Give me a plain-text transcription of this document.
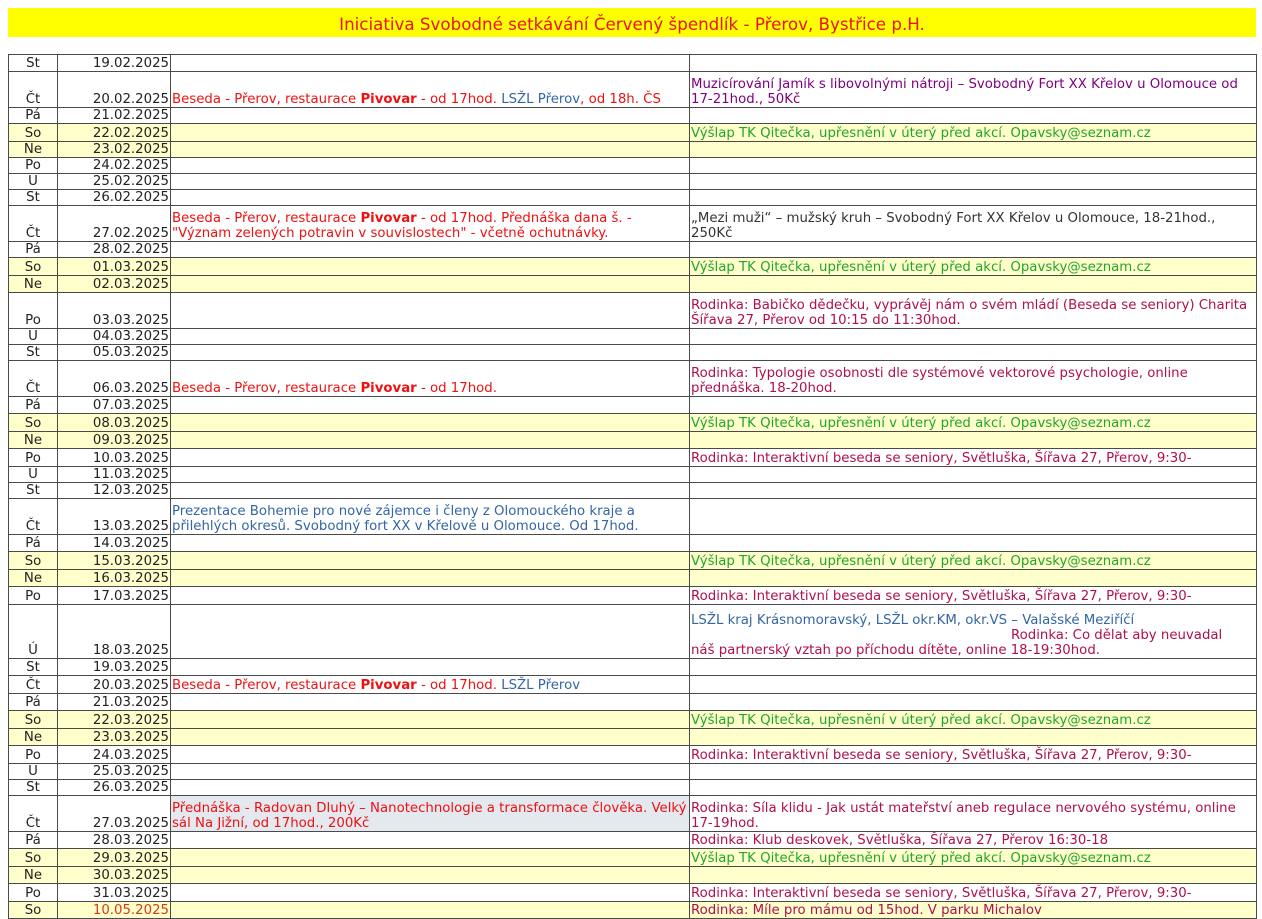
Iniciativa Svobodné setkávání Červený špendlík - Přerov, Bystřice p.H.
St	19.02.2025		
Čt	20.02.2025	Beseda - Přerov, restaurace Pivovar - od 17hod. LSŽL Přerov, od 18h. ČS	Muzicírování Jamík s libovolnými nátroji – Svobodný Fort XX Křelov u Olomouce od 17-21hod., 50Kč
Pá	21.02.2025		
So	22.02.2025		Výšlap TK Qitečka, upřesnění v úterý před akcí. Opavsky@seznam.cz
Ne	23.02.2025		
Po	24.02.2025		
Ú	25.02.2025		
St	26.02.2025		
Čt	27.02.2025	Beseda - Přerov, restaurace Pivovar - od 17hod. Přednáška dana š. - "Význam zelených potravin v souvislostech" - včetně ochutnávky.	„Mezi muži“ – mužský kruh – Svobodný Fort XX Křelov u Olomouce, 18-21hod., 250Kč
Pá	28.02.2025		
So	01.03.2025		Výšlap TK Qitečka, upřesnění v úterý před akcí. Opavsky@seznam.cz
Ne	02.03.2025		
Po	03.03.2025		Rodinka: Babičko dědečku, vyprávěj nám o svém mládí (Beseda se seniory) Charita Šířava 27, Přerov od 10:15 do 11:30hod.
Ú	04.03.2025		
St	05.03.2025		
Čt	06.03.2025	Beseda - Přerov, restaurace Pivovar - od 17hod.	Rodinka: Typologie osobnosti dle systémové vektorové psychologie, online přednáška. 18-20hod.
Pá	07.03.2025		
So	08.03.2025		Výšlap TK Qitečka, upřesnění v úterý před akcí. Opavsky@seznam.cz
Ne	09.03.2025		
Po	10.03.2025		Rodinka: Interaktivní beseda se seniory, Světluška, Šířava 27, Přerov, 9:30-
Ú	11.03.2025		
St	12.03.2025		
Čt	13.03.2025	Prezentace Bohemie pro nové zájemce i členy z Olomouckého kraje a přilehlých okresů. Svobodný fort XX v Křelově u Olomouce. Od 17hod.	
Pá	14.03.2025		
So	15.03.2025		Výšlap TK Qitečka, upřesnění v úterý před akcí. Opavsky@seznam.cz
Ne	16.03.2025		
Po	17.03.2025		Rodinka: Interaktivní beseda se seniory, Světluška, Šířava 27, Přerov, 9:30-
Ú	18.03.2025		LSŽL kraj Krásnomoravský, LSŽL okr.KM, okr.VS – Valašské Meziříčí
Rodinka: Co dělat aby neuvadal
náš partnerský vztah po příchodu dítěte, online 18-19:30hod.
St	19.03.2025		
Čt	20.03.2025	Beseda - Přerov, restaurace Pivovar - od 17hod. LSŽL Přerov	
Pá	21.03.2025		
So	22.03.2025		Výšlap TK Qitečka, upřesnění v úterý před akcí. Opavsky@seznam.cz
Ne	23.03.2025		
Po	24.03.2025		Rodinka: Interaktivní beseda se seniory, Světluška, Šířava 27, Přerov, 9:30-
Ú	25.03.2025		
St	26.03.2025		
Čt	27.03.2025	Přednáška - Radovan Dluhý – Nanotechnologie a transformace člověka. Velký sál Na Jižní, od 17hod., 200Kč	Rodinka: Síla klidu - Jak ustát mateřství aneb regulace nervového systému, online 17-19hod.
Pá	28.03.2025		Rodinka: Klub deskovek, Světluška, Šířava 27, Přerov 16:30-18
So	29.03.2025		Výšlap TK Qitečka, upřesnění v úterý před akcí. Opavsky@seznam.cz
Ne	30.03.2025		
Po	31.03.2025		Rodinka: Interaktivní beseda se seniory, Světluška, Šířava 27, Přerov, 9:30-
So	10.05.2025		Rodinka: Míle pro mámu od 15hod. V parku Michalov
